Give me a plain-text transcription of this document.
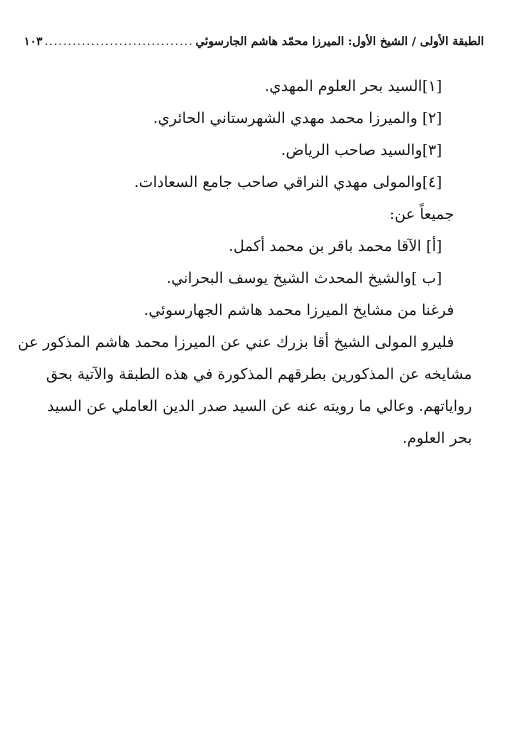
الطبقة الأولى / الشيخ الأول: الميرزا محمّد هاشم الجارسوئي
................................
١٠٣
[١]السيد بحر العلوم المهدي.
[٢] والميرزا محمد مهدي الشهرستاني الحائري.
[٣]والسيد صاحب الرياض.
[٤]والمولى مهدي النراقي صاحب جامع السعادات.
جميعاً عن:
[أ] الآقا محمد باقر بن محمد أكمل.
[ب ]والشيخ المحدث الشيخ يوسف البحراني.
فرغنا من مشايخ الميرزا محمد هاشم الجهارسوئي.
فليرو المولى الشيخ أقا بزرك عني عن الميرزا محمد هاشم المذكور عن
مشايخه عن المذكورين بطرقهم المذكورة في هذه الطبقة والآتية بحق
رواياتهم. وعالي ما رويته عنه عن السيد صدر الدين العاملي عن السيد
بحر العلوم.
